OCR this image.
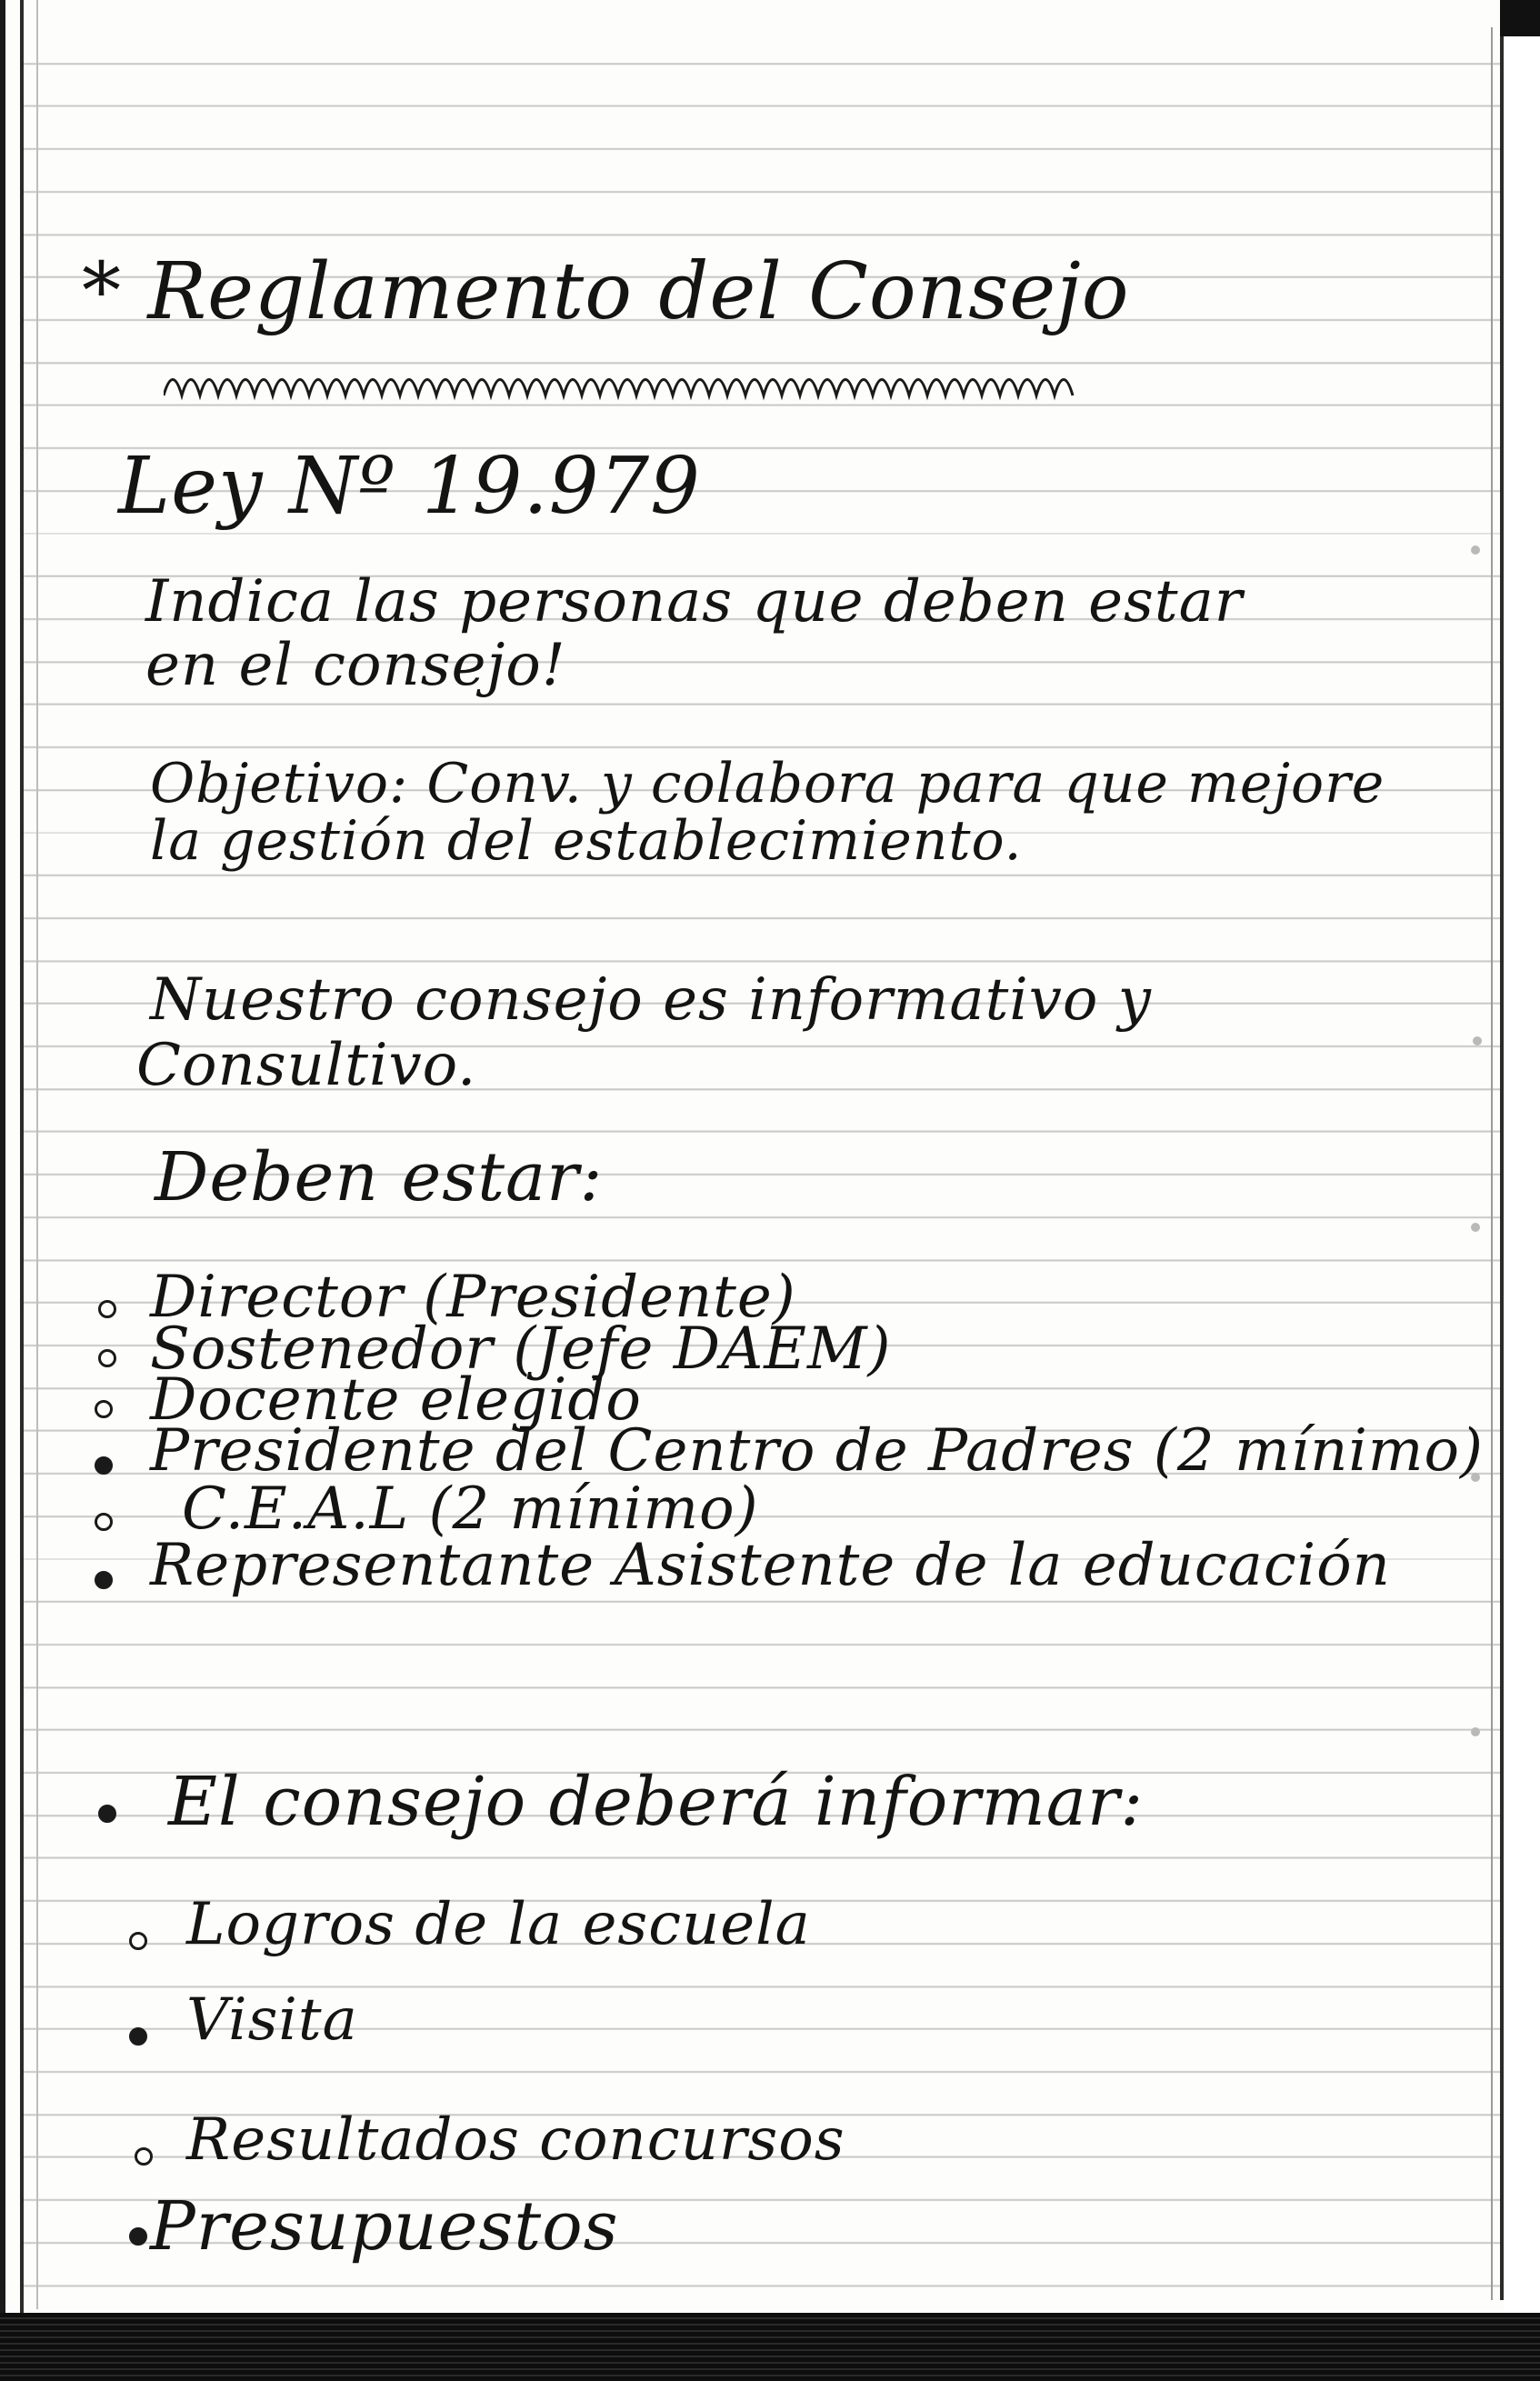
* Reglamento del Consejo

Ley Nº 19.979

Indica las personas que deben estar

en el consejo!

Objetivo: Conv. y colabora para que mejore

la gestión del establecimiento.

Nuestro consejo es informativo y

Consultivo.

Deben estar:

Director (Presidente)

Sostenedor (Jefe DAEM)

Docente elegido

Presidente del Centro de Padres (2 mínimo)

C.E.A.L (2 mínimo)

Representante Asistente de la educación

El consejo deberá informar:

Logros de la escuela

Visita

Resultados concursos

Presupuestos
